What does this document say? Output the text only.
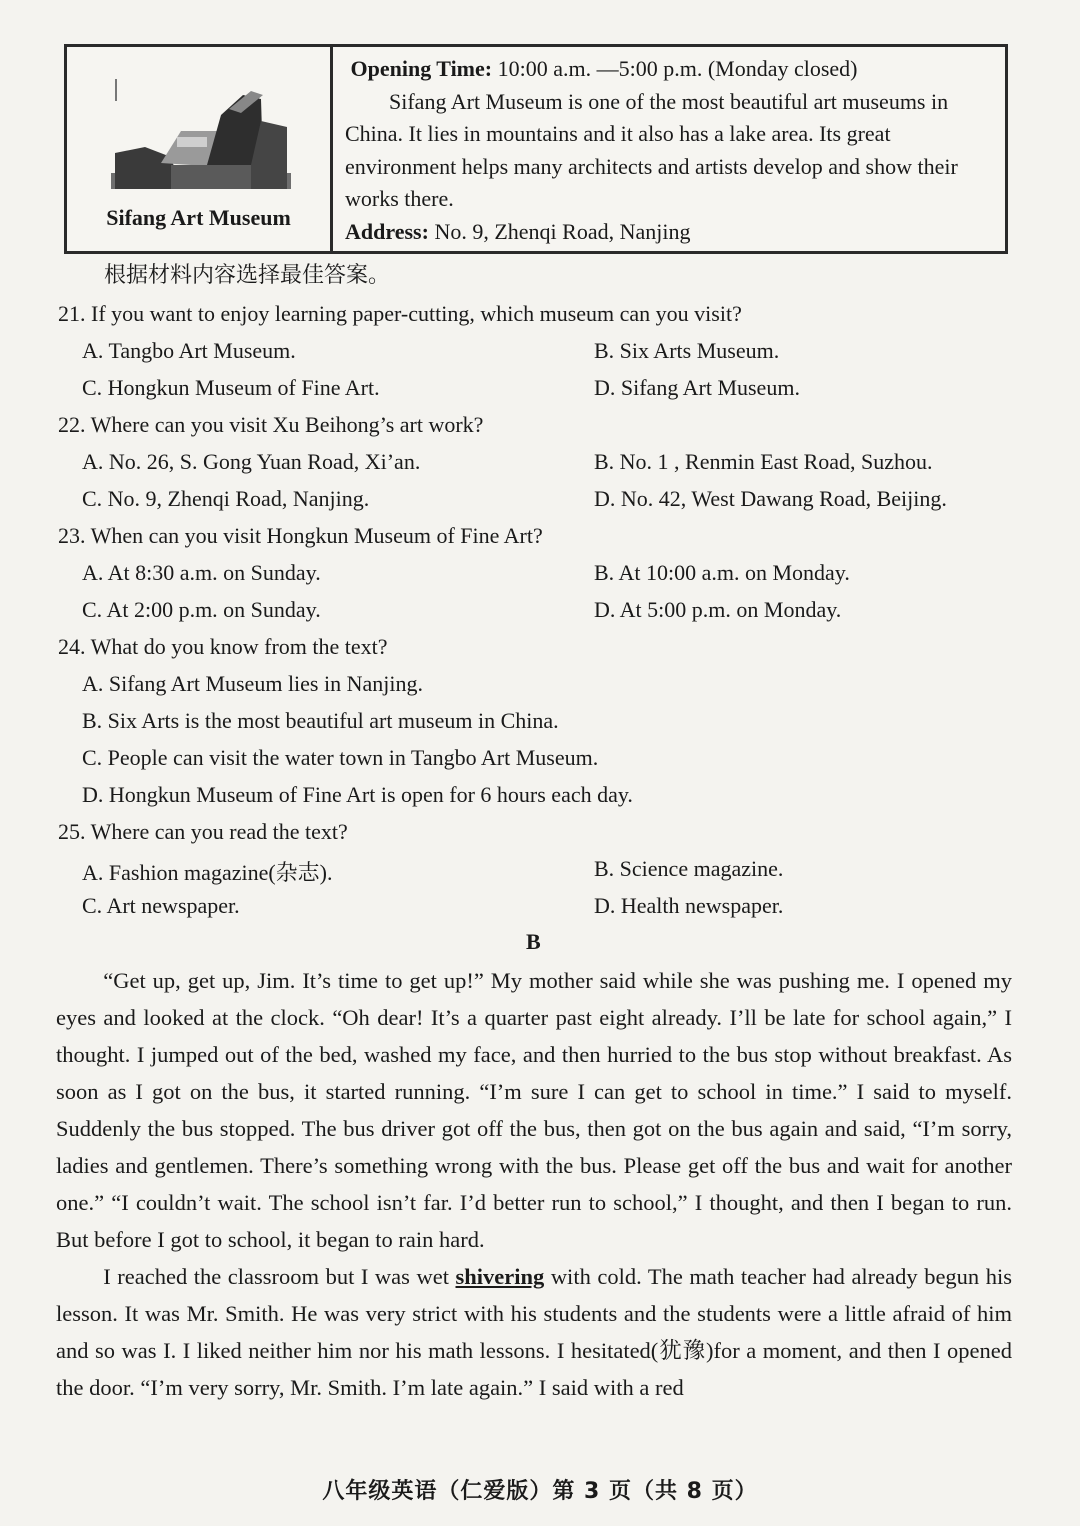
Sifang Art Museum

Opening Time: 10:00 a.m. —5:00 p.m. (Monday closed)

Sifang Art Museum is one of the most beautiful art museums in China. It lies in mountains and it also has a lake area. Its great environment helps many architects and artists develop and show their works there.

Address: No. 9, Zhenqi Road, Nanjing

根据材料内容选择最佳答案。
21. If you want to enjoy learning paper-cutting, which museum can you visit?
A. Tangbo Art Museum.	B. Six Arts Museum.
C. Hongkun Museum of Fine Art.	D. Sifang Art Museum.
22. Where can you visit Xu Beihong’s art work?
A. No. 26, S. Gong Yuan Road, Xi’an.	B. No. 1 , Renmin East Road, Suzhou.
C. No. 9, Zhenqi Road, Nanjing.	D. No. 42, West Dawang Road, Beijing.
23. When can you visit Hongkun Museum of Fine Art?
A. At 8:30 a.m. on Sunday.	B. At 10:00 a.m. on Monday.
C. At 2:00 p.m. on Sunday.	D. At 5:00 p.m. on Monday.
24. What do you know from the text?
A. Sifang Art Museum lies in Nanjing.
B. Six Arts is the most beautiful art museum in China.
C. People can visit the water town in Tangbo Art Museum.
D. Hongkun Museum of Fine Art is open for 6 hours each day.
25. Where can you read the text?
A. Fashion magazine(杂志).	B. Science magazine.
C. Art newspaper.	D. Health newspaper.
B

“Get up, get up, Jim. It’s time to get up!” My mother said while she was pushing me. I opened my eyes and looked at the clock. “Oh dear! It’s a quarter past eight already. I’ll be late for school again,” I thought. I jumped out of the bed, washed my face, and then hurried to the bus stop without breakfast. As soon as I got on the bus, it started running. “I’m sure I can get to school in time.” I said to myself. Suddenly the bus stopped. The bus driver got off the bus, then got on the bus again and said, “I’m sorry, ladies and gentlemen. There’s something wrong with the bus. Please get off the bus and wait for another one.” “I couldn’t wait. The school isn’t far. I’d better run to school,” I thought, and then I began to run. But before I got to school, it began to rain hard.

I reached the classroom but I was wet shivering with cold. The math teacher had already begun his lesson. It was Mr. Smith. He was very strict with his students and the students were a little afraid of him and so was I. I liked neither him nor his math lessons. I hesitated(犹豫)for a moment, and then I opened the door. “I’m very sorry, Mr. Smith. I’m late again.” I said with a red

八年级英语（仁爱版）第 3 页（共 8 页）
